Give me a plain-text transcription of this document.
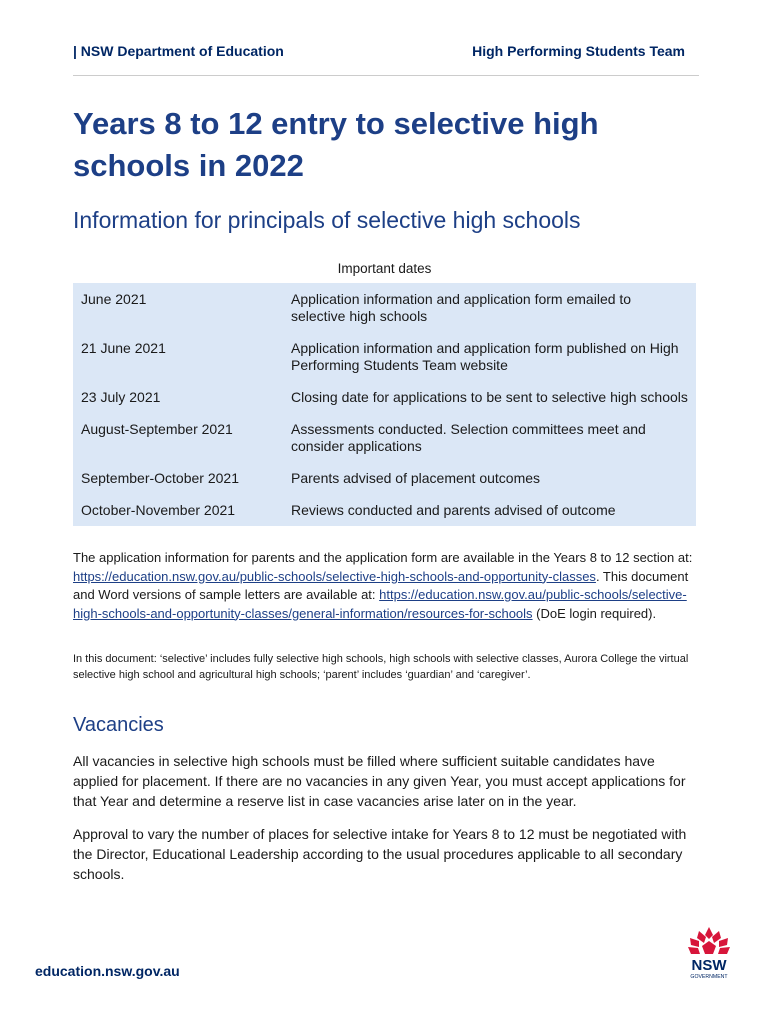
| NSW Department of Education	High Performing Students Team
Years 8 to 12 entry to selective high schools in 2022
Information for principals of selective high schools
Important dates
June 2021	Application information and application form emailed to selective high schools
21 June 2021	Application information and application form published on High Performing Students Team website
23 July 2021	Closing date for applications to be sent to selective high schools
August-September 2021	Assessments conducted. Selection committees meet and consider applications
September-October 2021	Parents advised of placement outcomes
October-November 2021	Reviews conducted and parents advised of outcome

The application information for parents and the application form are available in the Years 8 to 12 section at: https://education.nsw.gov.au/public-schools/selective-high-schools-and-opportunity-classes. This document and Word versions of sample letters are available at: https://education.nsw.gov.au/public-schools/selective-high-schools-and-opportunity-classes/general-information/resources-for-schools (DoE login required).

In this document: ‘selective’ includes fully selective high schools, high schools with selective classes, Aurora College the virtual selective high school and agricultural high schools; ‘parent’ includes ‘guardian’ and ‘caregiver’.

Vacancies

All vacancies in selective high schools must be filled where sufficient suitable candidates have applied for placement. If there are no vacancies in any given Year, you must accept applications for that Year and determine a reserve list in case vacancies arise later on in the year.

Approval to vary the number of places for selective intake for Years 8 to 12 must be negotiated with the Director, Educational Leadership according to the usual procedures applicable to all secondary schools.

education.nsw.gov.au	NSW
GOVERNMENT
